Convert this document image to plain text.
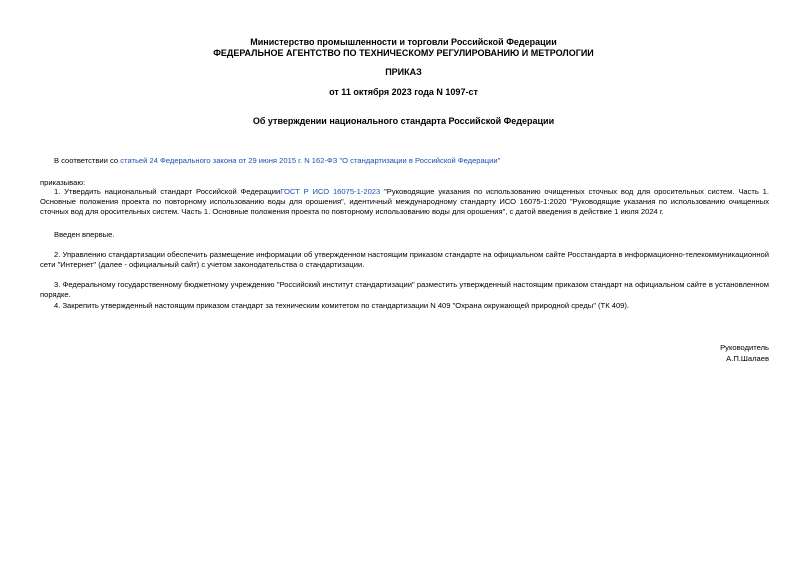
Министерство промышленности и торговли Российской Федерации
ФЕДЕРАЛЬНОЕ АГЕНТСТВО ПО ТЕХНИЧЕСКОМУ РЕГУЛИРОВАНИЮ И МЕТРОЛОГИИ
ПРИКАЗ
от 11 октября 2023 года N 1097-ст
Об утверждении национального стандарта Российской Федерации
В соответствии со статьей 24 Федерального закона от 29 июня 2015 г. N 162-ФЗ "О стандартизации в Российской Федерации"
приказываю:
1. Утвердить национальный стандарт Российской ФедерацииГОСТ Р ИСО 16075-1-2023 "Руководящие указания по использованию очищенных сточных вод для оросительных систем. Часть 1. Основные положения проекта по повторному использованию воды для орошения", идентичный международному стандарту ИСО 16075-1:2020 "Руководящие указания по использованию очищенных сточных вод для оросительных систем. Часть 1. Основные положения проекта по повторному использованию воды для орошения", с датой введения в действие 1 июля 2024 г.
Введен впервые.
2. Управлению стандартизации обеспечить размещение информации об утвержденном настоящим приказом стандарте на официальном сайте Росстандарта в информационно-телекоммуникационной сети "Интернет" (далее - официальный сайт) с учетом законодательства о стандартизации.
3. Федеральному государственному бюджетному учреждению "Российский институт стандартизации" разместить утвержденный настоящим приказом стандарт на официальном сайте в установленном порядке.
4. Закрепить утвержденный настоящим приказом стандарт за техническим комитетом по стандартизации N 409 "Охрана окружающей природной среды" (ТК 409).
Руководитель
А.П.Шалаев
